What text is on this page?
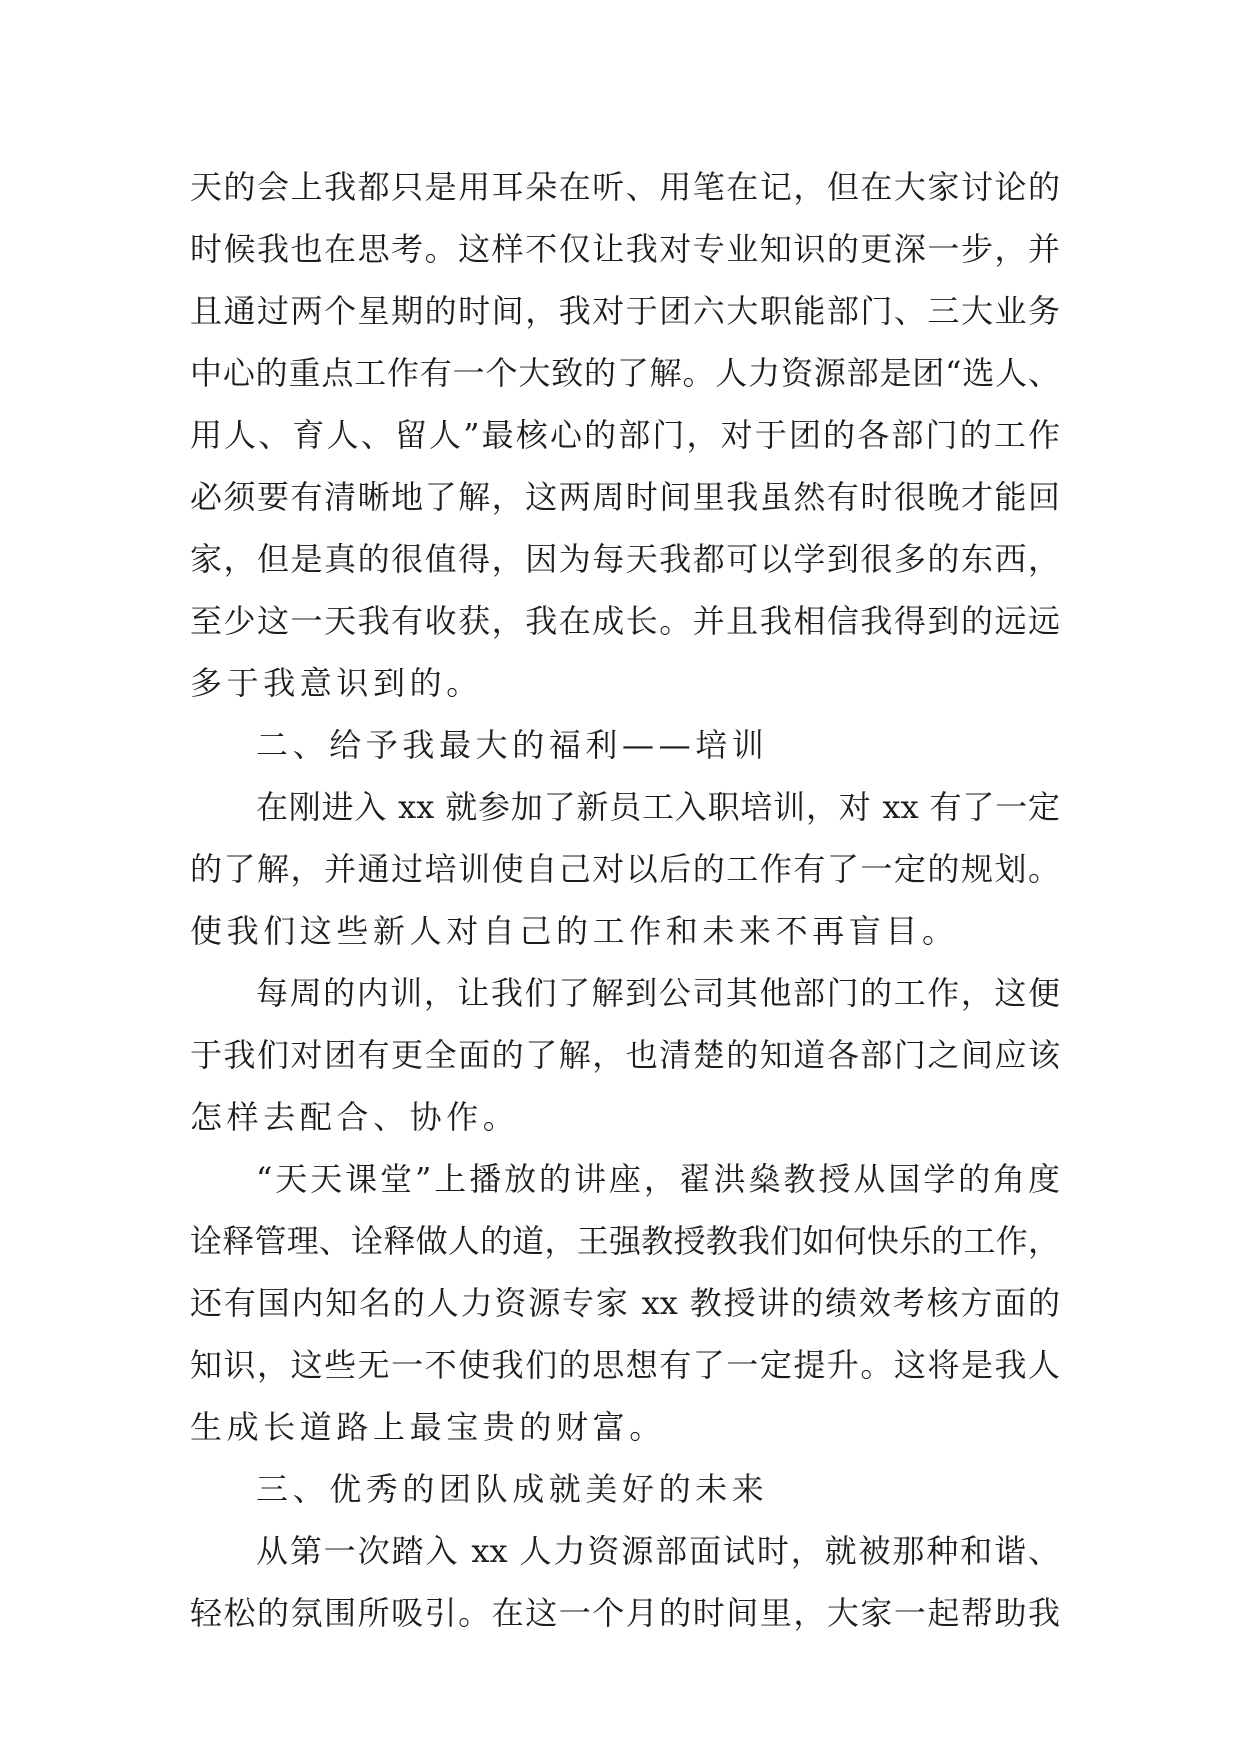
天的会上我都只是用耳朵在听、用笔在记，但在大家讨论的
时候我也在思考。这样不仅让我对专业知识的更深一步，并
且通过两个星期的时间，我对于团六大职能部门、三大业务
中心的重点工作有一个大致的了解。人力资源部是团“选人、
用人、育人、留人”最核心的部门，对于团的各部门的工作
必须要有清晰地了解，这两周时间里我虽然有时很晚才能回
家，但是真的很值得，因为每天我都可以学到很多的东西，
至少这一天我有收获，我在成长。并且我相信我得到的远远
多于我意识到的。
二、给予我最大的福利——培训
在刚进入 xx 就参加了新员工入职培训，对 xx 有了一定
的了解，并通过培训使自己对以后的工作有了一定的规划。
使我们这些新人对自己的工作和未来不再盲目。
每周的内训，让我们了解到公司其他部门的工作，这便
于我们对团有更全面的了解，也清楚的知道各部门之间应该
怎样去配合、协作。
“天天课堂”上播放的讲座，翟洪燊教授从国学的角度
诠释管理、诠释做人的道，王强教授教我们如何快乐的工作，
还有国内知名的人力资源专家 xx 教授讲的绩效考核方面的
知识，这些无一不使我们的思想有了一定提升。这将是我人
生成长道路上最宝贵的财富。
三、优秀的团队成就美好的未来
从第一次踏入 xx 人力资源部面试时，就被那种和谐、
轻松的氛围所吸引。在这一个月的时间里，大家一起帮助我
